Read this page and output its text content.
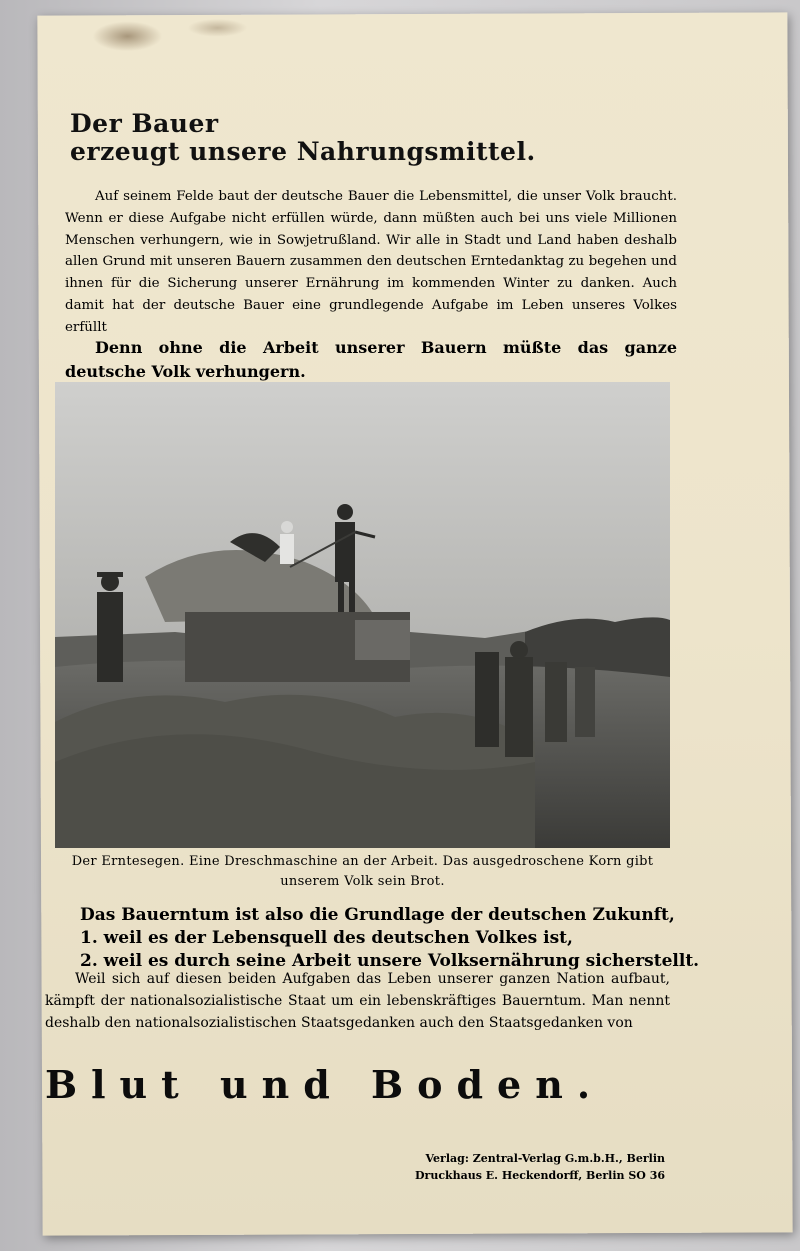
Der Bauer
erzeugt unsere Nahrungsmittel.
Auf seinem Felde baut der deutsche Bauer die Lebensmittel, die unser Volk braucht. Wenn er diese Aufgabe nicht erfüllen würde, dann müßten auch bei uns viele Millionen Menschen verhungern, wie in Sowjetrußland. Wir alle in Stadt und Land haben deshalb allen Grund mit unseren Bauern zusammen den deutschen Erntedanktag zu begehen und ihnen für die Sicherung unserer Ernährung im kommenden Winter zu danken. Auch damit hat der deutsche Bauer eine grundlegende Aufgabe im Leben unseres Volkes erfüllt
Denn ohne die Arbeit unserer Bauern müßte das ganze deutsche Volk verhungern.
Der Erntesegen. Eine Dreschmaschine an der Arbeit. Das ausgedroschene Korn gibt unserem Volk sein Brot.
Das Bauerntum ist also die Grundlage der deutschen Zukunft,
1. weil es der Lebensquell des deutschen Volkes ist,
2. weil es durch seine Arbeit unsere Volksernährung sicherstellt.
Weil sich auf diesen beiden Aufgaben das Leben unserer ganzen Nation aufbaut, kämpft der nationalsozialistische Staat um ein lebenskräftiges Bauerntum. Man nennt deshalb den nationalsozialistischen Staatsgedanken auch den Staatsgedanken von
Blut und Boden.
Verlag: Zentral-Verlag G.m.b.H., Berlin
Druckhaus E. Heckendorff, Berlin SO 36
